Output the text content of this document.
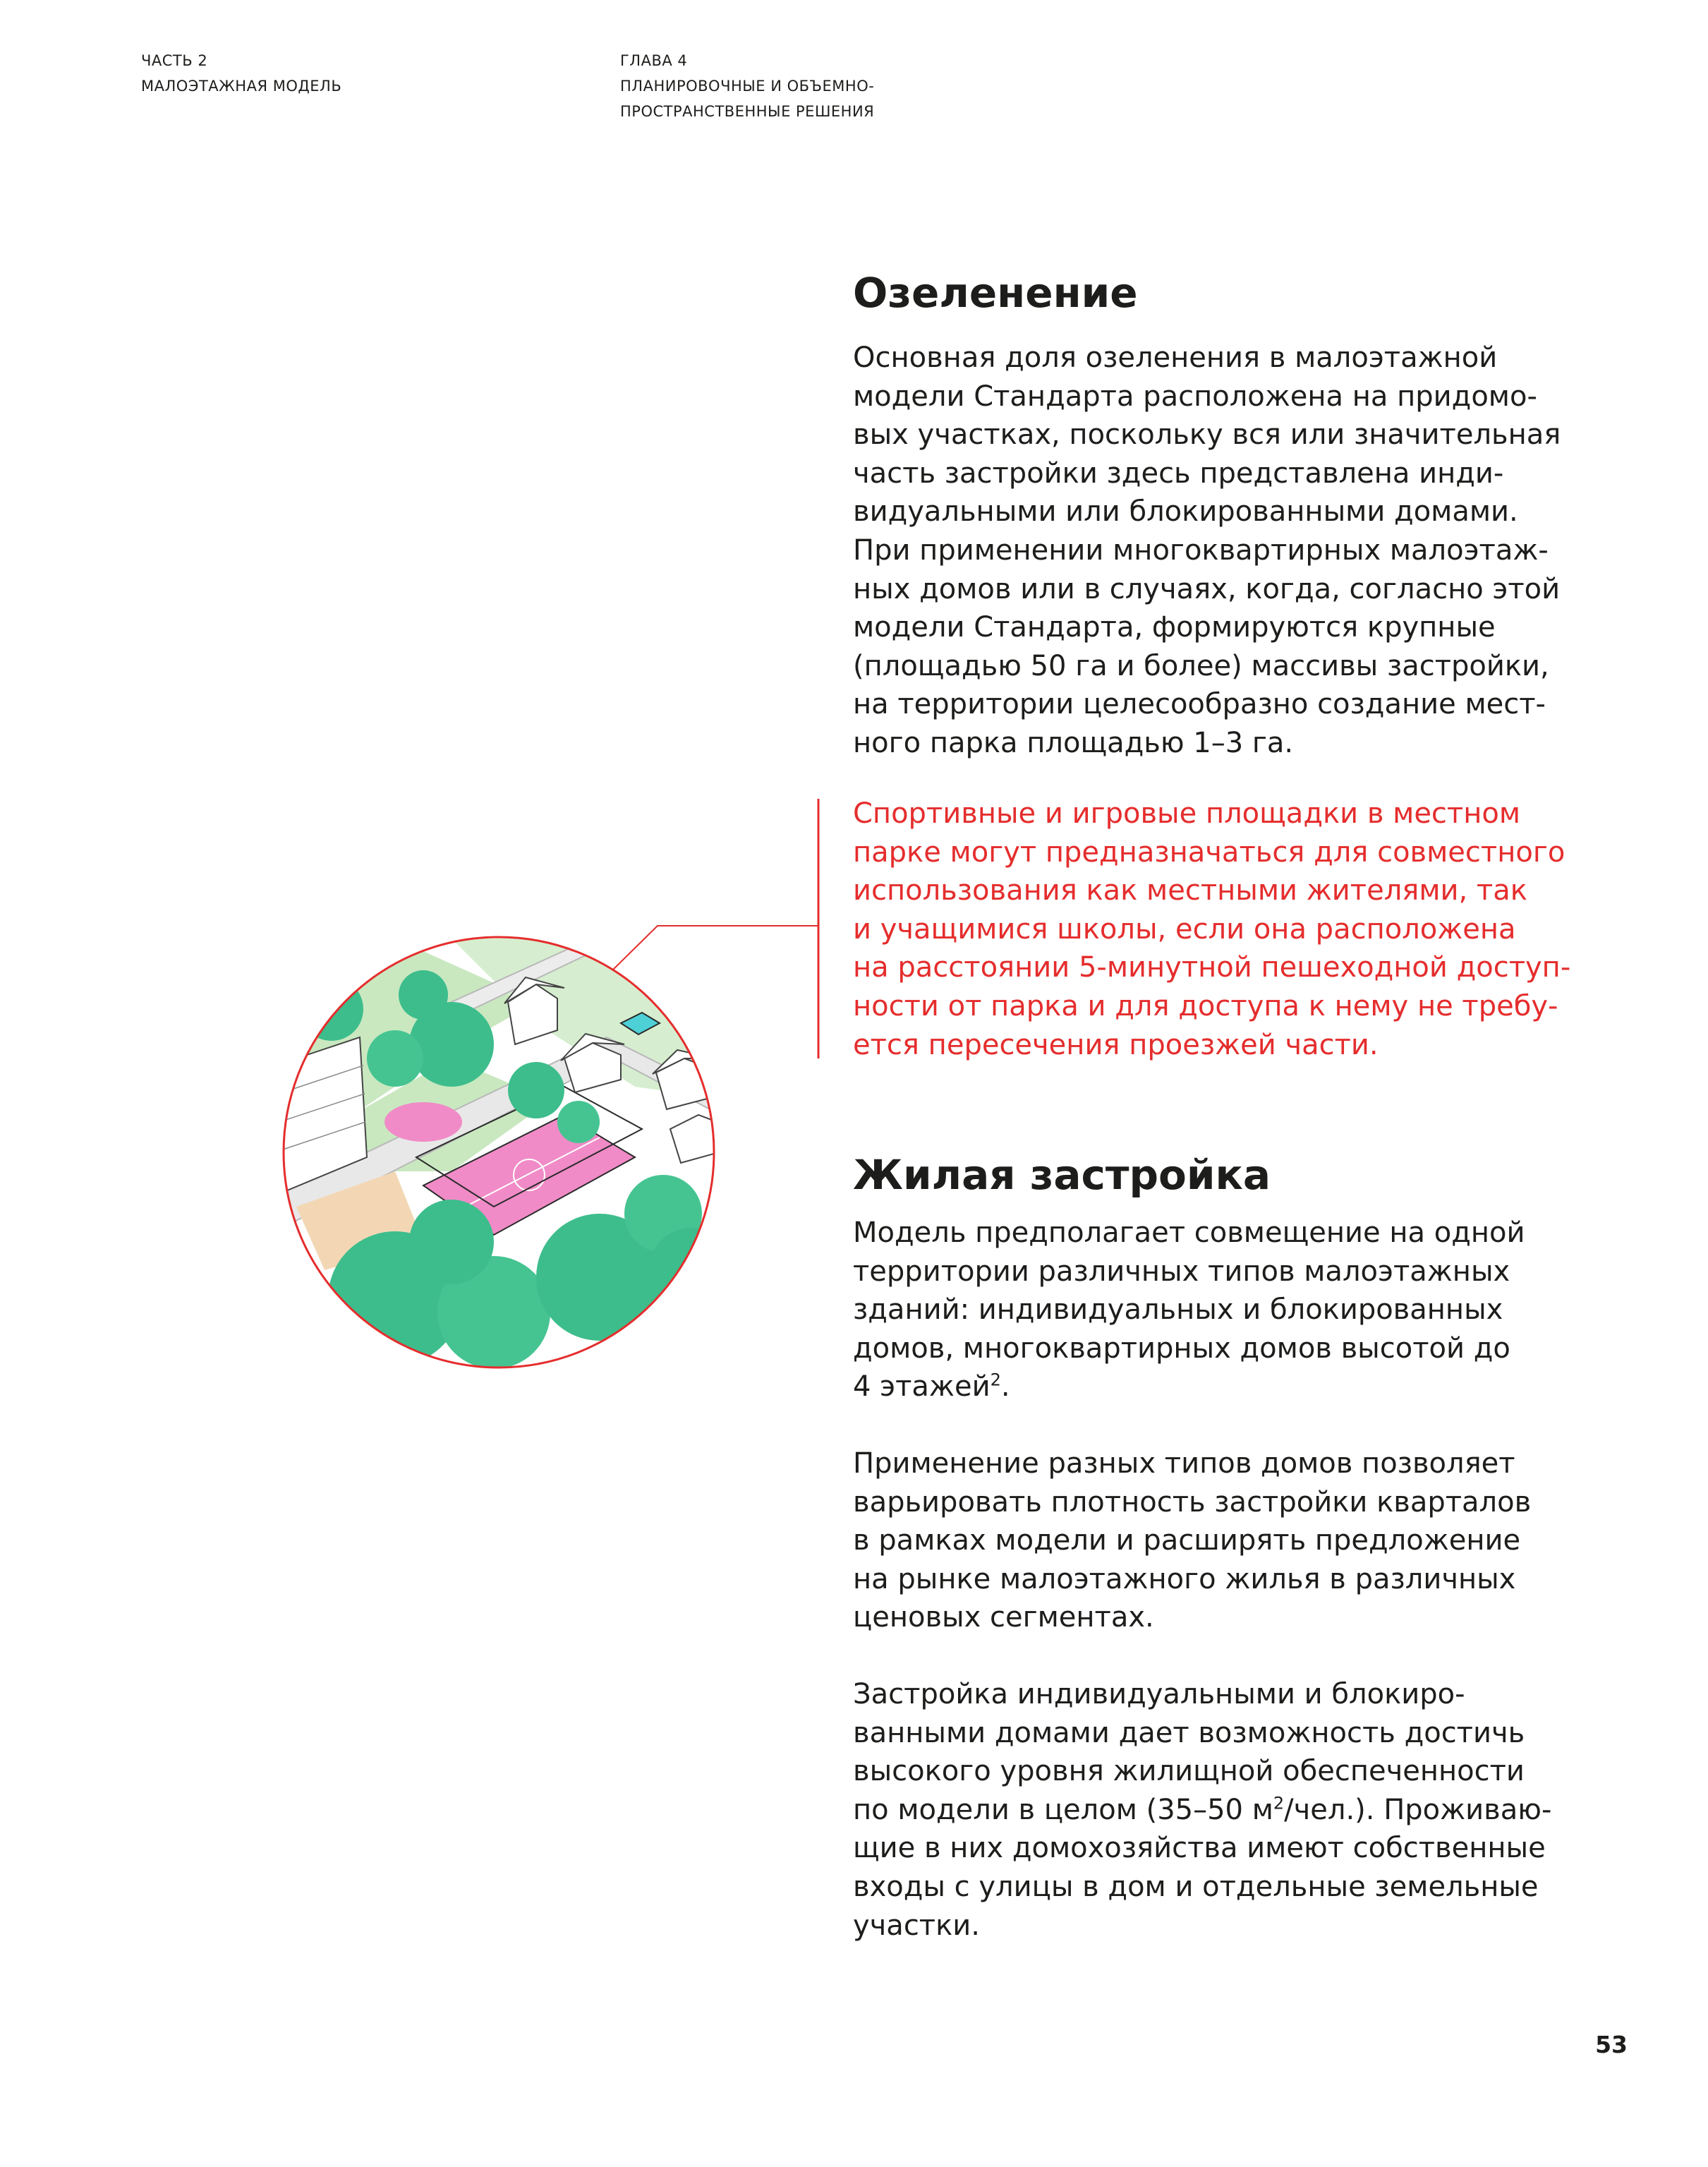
ЧАСТЬ 2
МАЛОЭТАЖНАЯ МОДЕЛЬ
ГЛАВА 4
ПЛАНИРОВОЧНЫЕ И ОБЪЕМНО-
ПРОСТРАНСТВЕННЫЕ РЕШЕНИЯ
Озеленение
Основная доля озеленения в малоэтажной
модели Стандарта расположена на придомо-
вых участках, поскольку вся или значительная
часть застройки здесь представлена инди-
видуальными или блокированными домами.
При применении многоквартирных малоэтаж-
ных домов или в случаях, когда, согласно этой
модели Стандарта, формируются крупные
(площадью 50 га и более) массивы застройки,
на территории целесообразно создание мест-
ного парка площадью 1–3 га.
Спортивные и игровые площадки в местном
парке могут предназначаться для совместного
использования как местными жителями, так
и учащимися школы, если она расположена
на расстоянии 5-минутной пешеходной доступ-
ности от парка и для доступа к нему не требу-
ется пересечения проезжей части.
Жилая застройка
Модель предполагает совмещение на одной
территории различных типов малоэтажных
зданий: индивидуальных и блокированных
домов, многоквартирных домов высотой до
4 этажей$^2$.
Применение разных типов домов позволяет
варьировать плотность застройки кварталов
в рамках модели и расширять предложение
на рынке малоэтажного жилья в различных
ценовых сегментах.
Застройка индивидуальными и блокиро-
ванными домами дает возможность достичь
высокого уровня жилищной обеспеченности
по модели в целом (35–50 $м^2/чел$.). Проживаю-
щие в них домохозяйства имеют собственные
входы с улицы в дом и отдельные земельные
участки.
53
